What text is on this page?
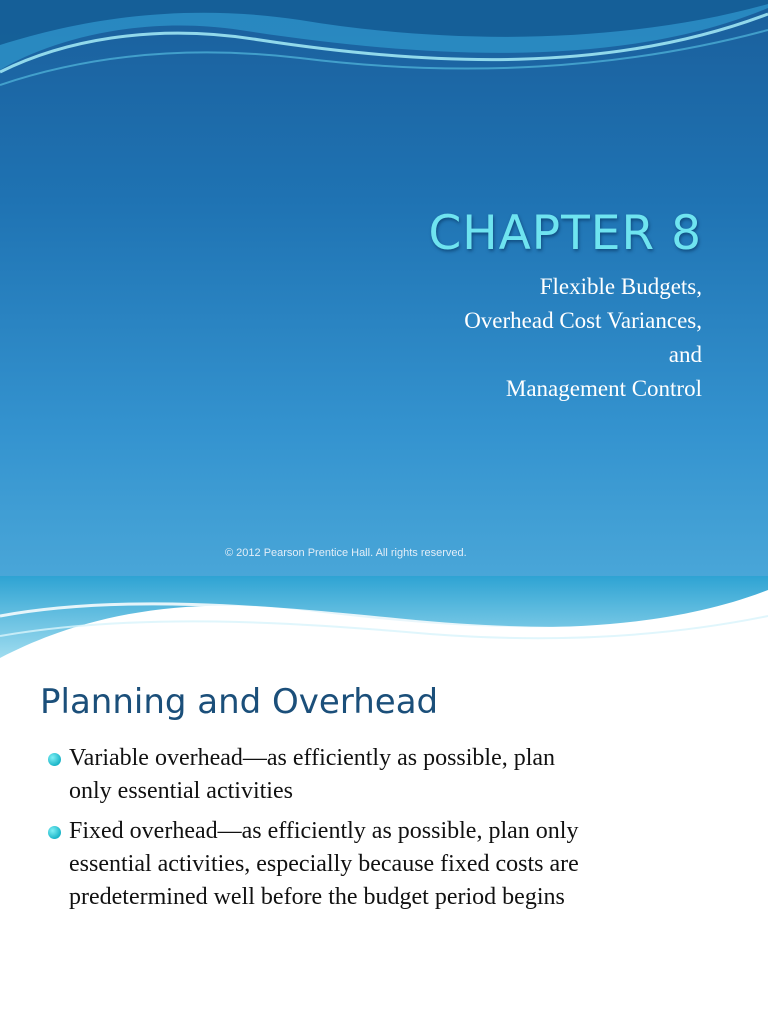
CHAPTER 8
Flexible Budgets,
Overhead Cost Variances,
and
Management Control
© 2012 Pearson Prentice Hall. All rights reserved.
Planning and Overhead
Variable overhead—as efficiently as possible, plan
only essential activities
Fixed overhead—as efficiently as possible, plan only
essential activities, especially because fixed costs are
predetermined well before the budget period begins
